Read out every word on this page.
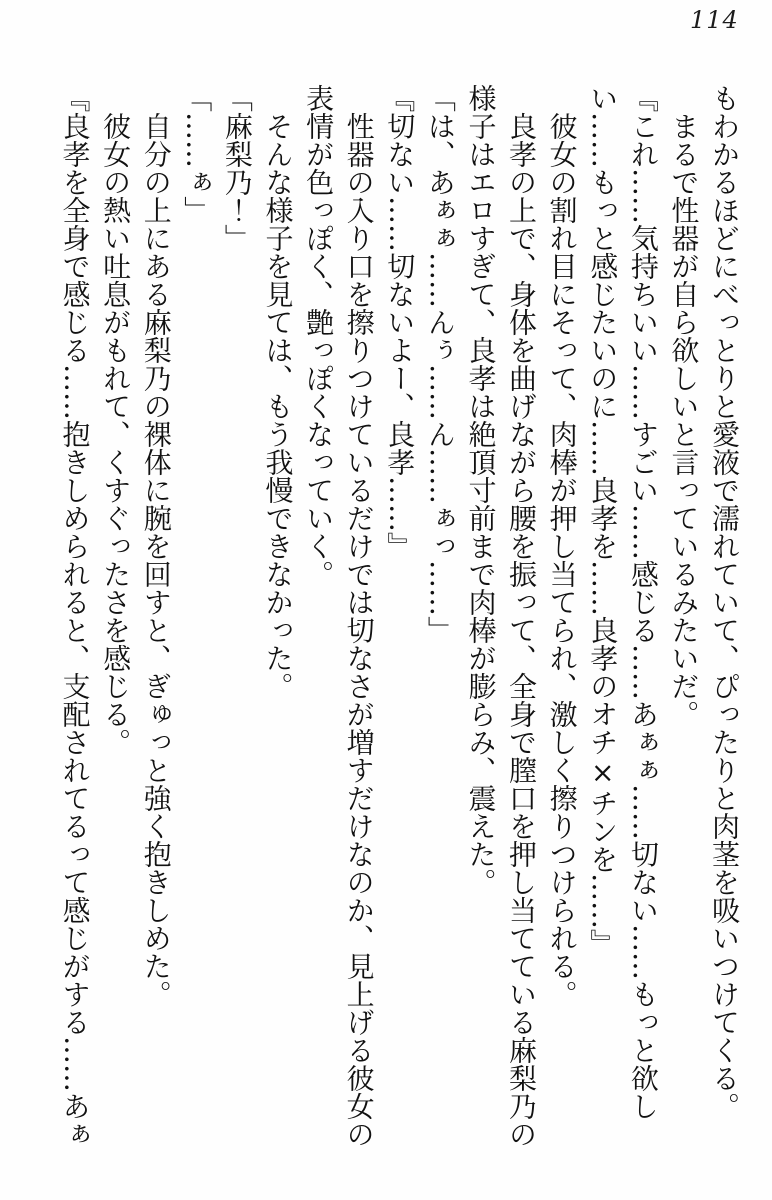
114

もわかるほどにべっとりと愛液で濡れていて、ぴったりと肉茎を吸いつけてくる。

まるで性器が自ら欲しいと言っているみたいだ。

『これ……気持ちいい……すごい……感じる……あぁぁ……切ない……もっと欲しい……もっと感じたいのに……良孝を……良孝のオチ×チンを……』

彼女の割れ目にそって、肉棒が押し当てられ、激しく擦りつけられる。

良孝の上で、身体を曲げながら腰を振って、全身で膣口を押し当てている麻梨乃の様子はエロすぎて、良孝は絶頂寸前まで肉棒が膨らみ、震えた。

「は、あぁぁ……んぅ……ん……ぁっ……」

『切ない……切ないよー、良孝……』

性器の入り口を擦りつけているだけでは切なさが増すだけなのか、見上げる彼女の表情が色っぽく、艶っぽくなっていく。

そんな様子を見ては、もう我慢できなかった。

「麻梨乃！」

「……ぁ」

自分の上にある麻梨乃の裸体に腕を回すと、ぎゅっと強く抱きしめた。

彼女の熱い吐息がもれて、くすぐったさを感じる。

『良孝を全身で感じる……抱きしめられると、支配されてるって感じがする……あぁ
